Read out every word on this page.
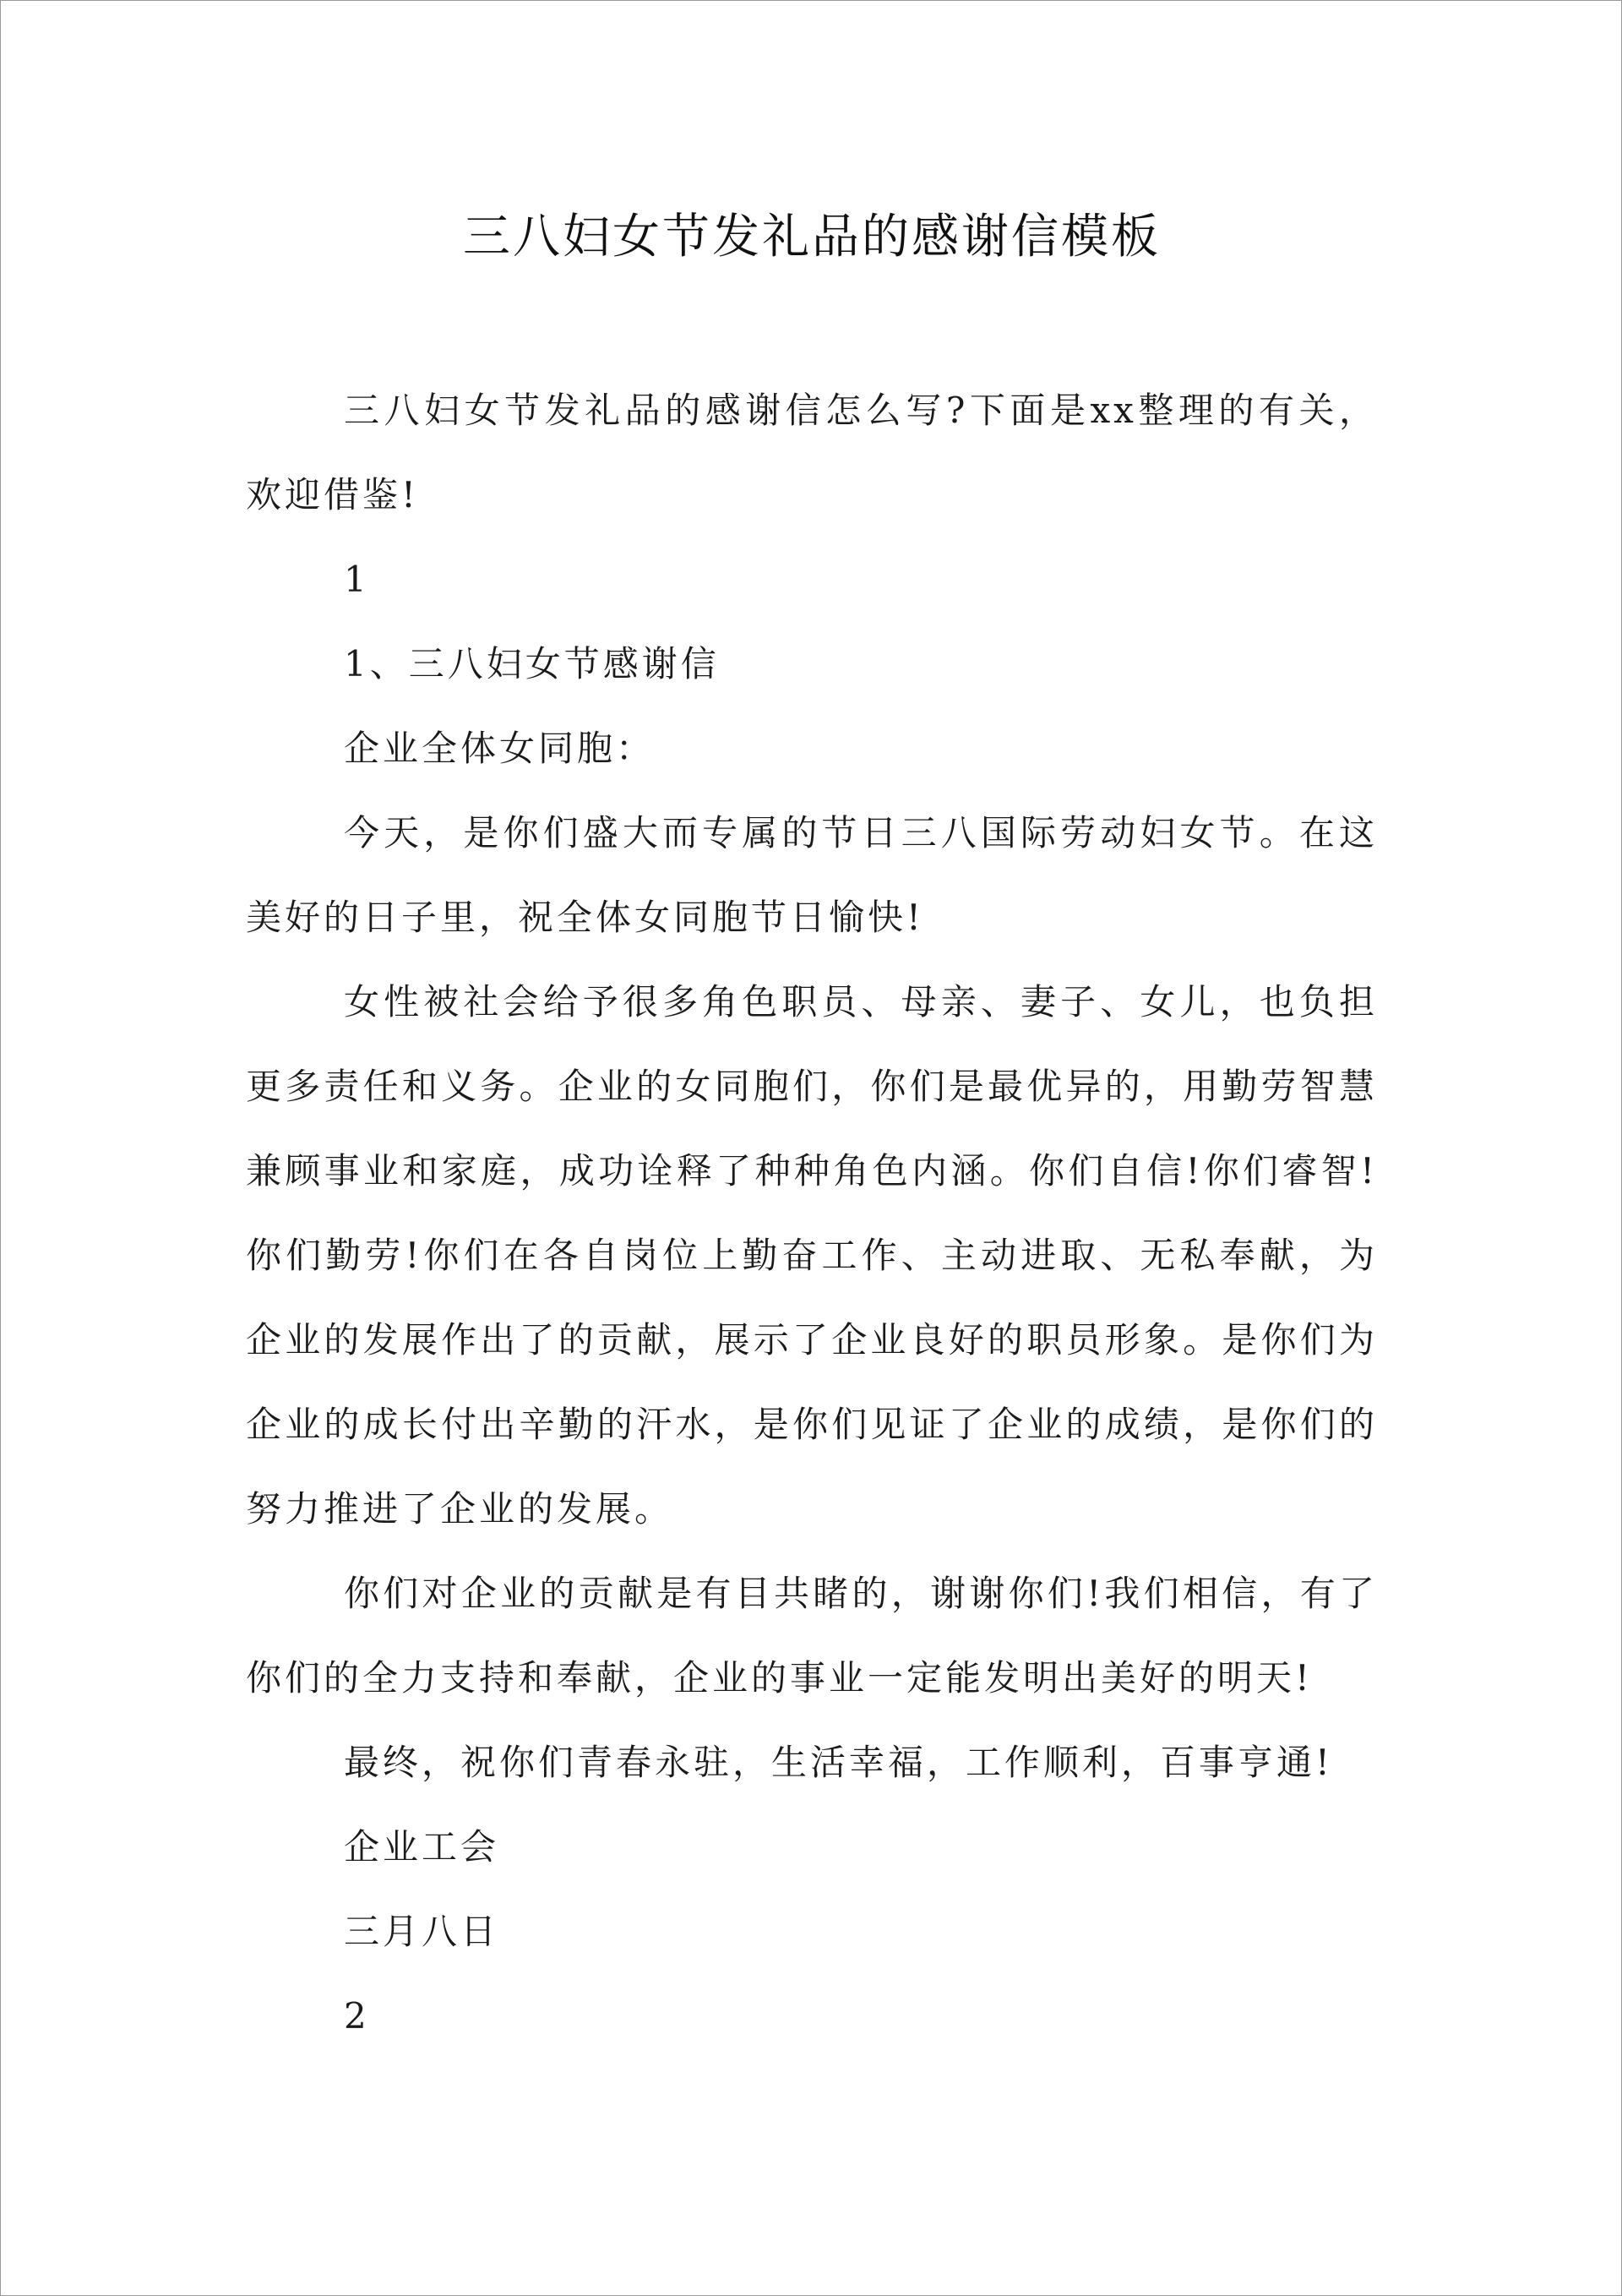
三八妇女节发礼品的感谢信模板

三八妇女节发礼品的感谢信怎么写?下面是xx整理的有关，欢迎借鉴!

1

1、三八妇女节感谢信

企业全体女同胞：

今天，是你们盛大而专属的节日三八国际劳动妇女节。在这美好的日子里，祝全体女同胞节日愉快!

女性被社会给予很多角色职员、母亲、妻子、女儿，也负担更多责任和义务。企业的女同胞们，你们是最优异的，用勤劳智慧兼顾事业和家庭，成功诠释了种种角色内涵。你们自信!你们睿智!你们勤劳!你们在各自岗位上勤奋工作、主动进取、无私奉献，为企业的发展作出了的贡献，展示了企业良好的职员形象。是你们为企业的成长付出辛勤的汗水，是你们见证了企业的成绩，是你们的努力推进了企业的发展。

你们对企业的贡献是有目共睹的，谢谢你们!我们相信，有了你们的全力支持和奉献，企业的事业一定能发明出美好的明天!

最终，祝你们青春永驻，生活幸福，工作顺利，百事亨通!

企业工会

三月八日

2
